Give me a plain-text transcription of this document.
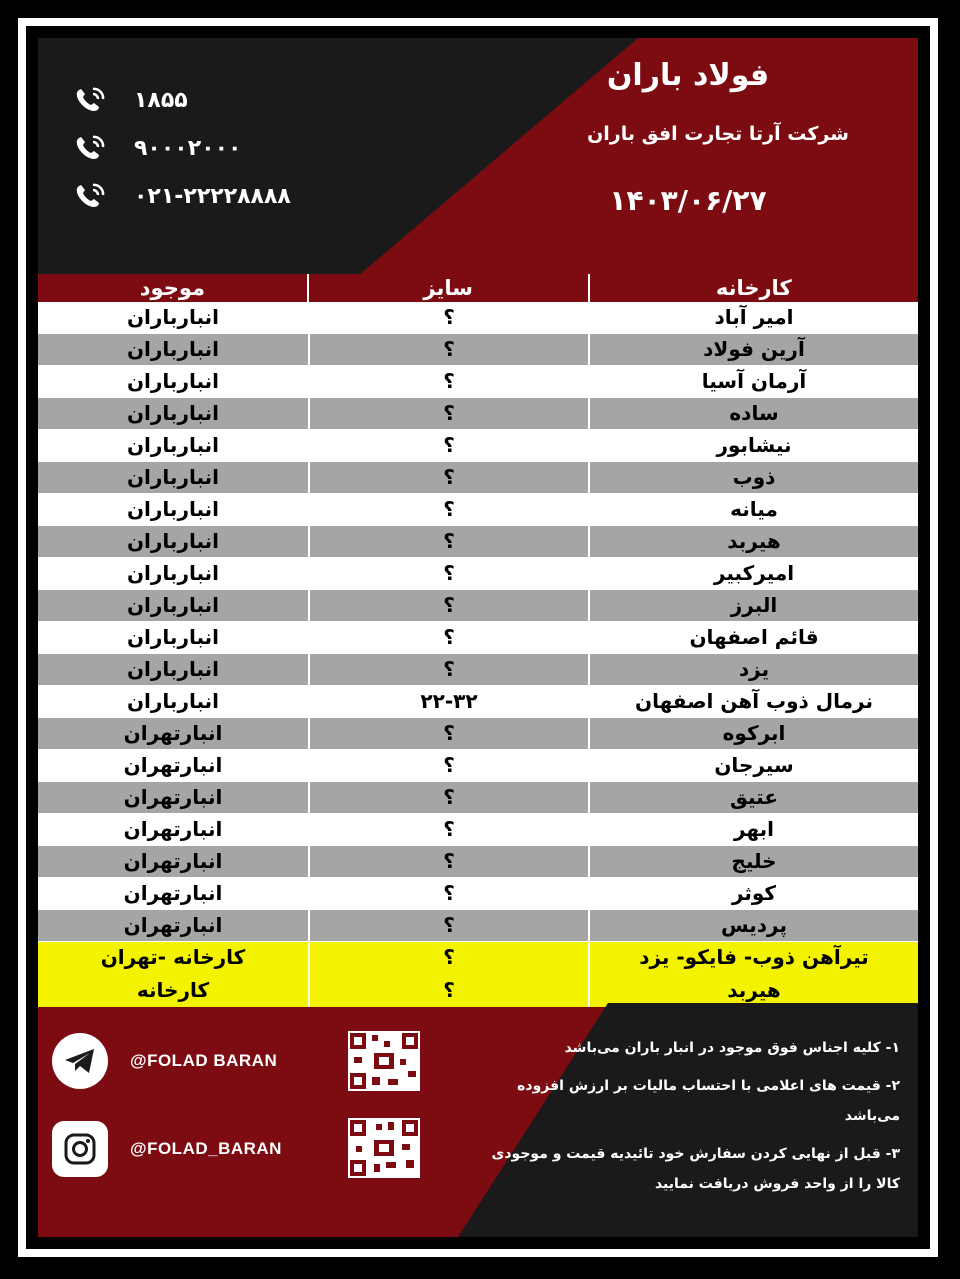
فولاد باران
شرکت آرتا تجارت افق باران
۱۴۰۳/۰۶/۲۷
۱۸۵۵
۹۰۰۰۲۰۰۰
۰۲۱-۲۲۲۲۸۸۸۸
موجود	سایز	کارخانه
انبارباران	؟	امیر آباد
انبارباران	؟	آرین فولاد
انبارباران	؟	آرمان آسیا
انبارباران	؟	ساده
انبارباران	؟	نیشابور
انبارباران	؟	ذوب
انبارباران	؟	میانه
انبارباران	؟	هیربد
انبارباران	؟	امیرکبیر
انبارباران	؟	البرز
انبارباران	؟	قائم اصفهان
انبارباران	؟	یزد
انبارباران	۲۲-۳۲	نرمال ذوب آهن اصفهان
انبارتهران	؟	ابرکوه
انبارتهران	؟	سیرجان
انبارتهران	؟	عتیق
انبارتهران	؟	ابهر
انبارتهران	؟	خلیج
انبارتهران	؟	کوثر
انبارتهران	؟	پردیس
کارخانه -تهران	؟	تیرآهن ذوب- فایکو- یزد
کارخانه	؟	هیربد
@FOLAD BARAN
@FOLAD_BARAN
۱- کلیه اجناس فوق موجود در انبار باران می‌باشد
۲- قیمت های اعلامی با احتساب مالیات بر ارزش افزوده می‌باشد
۳- قبل از نهایی کردن سفارش خود تائیدیه قیمت و موجودی کالا را از واحد فروش دریافت نمایید
